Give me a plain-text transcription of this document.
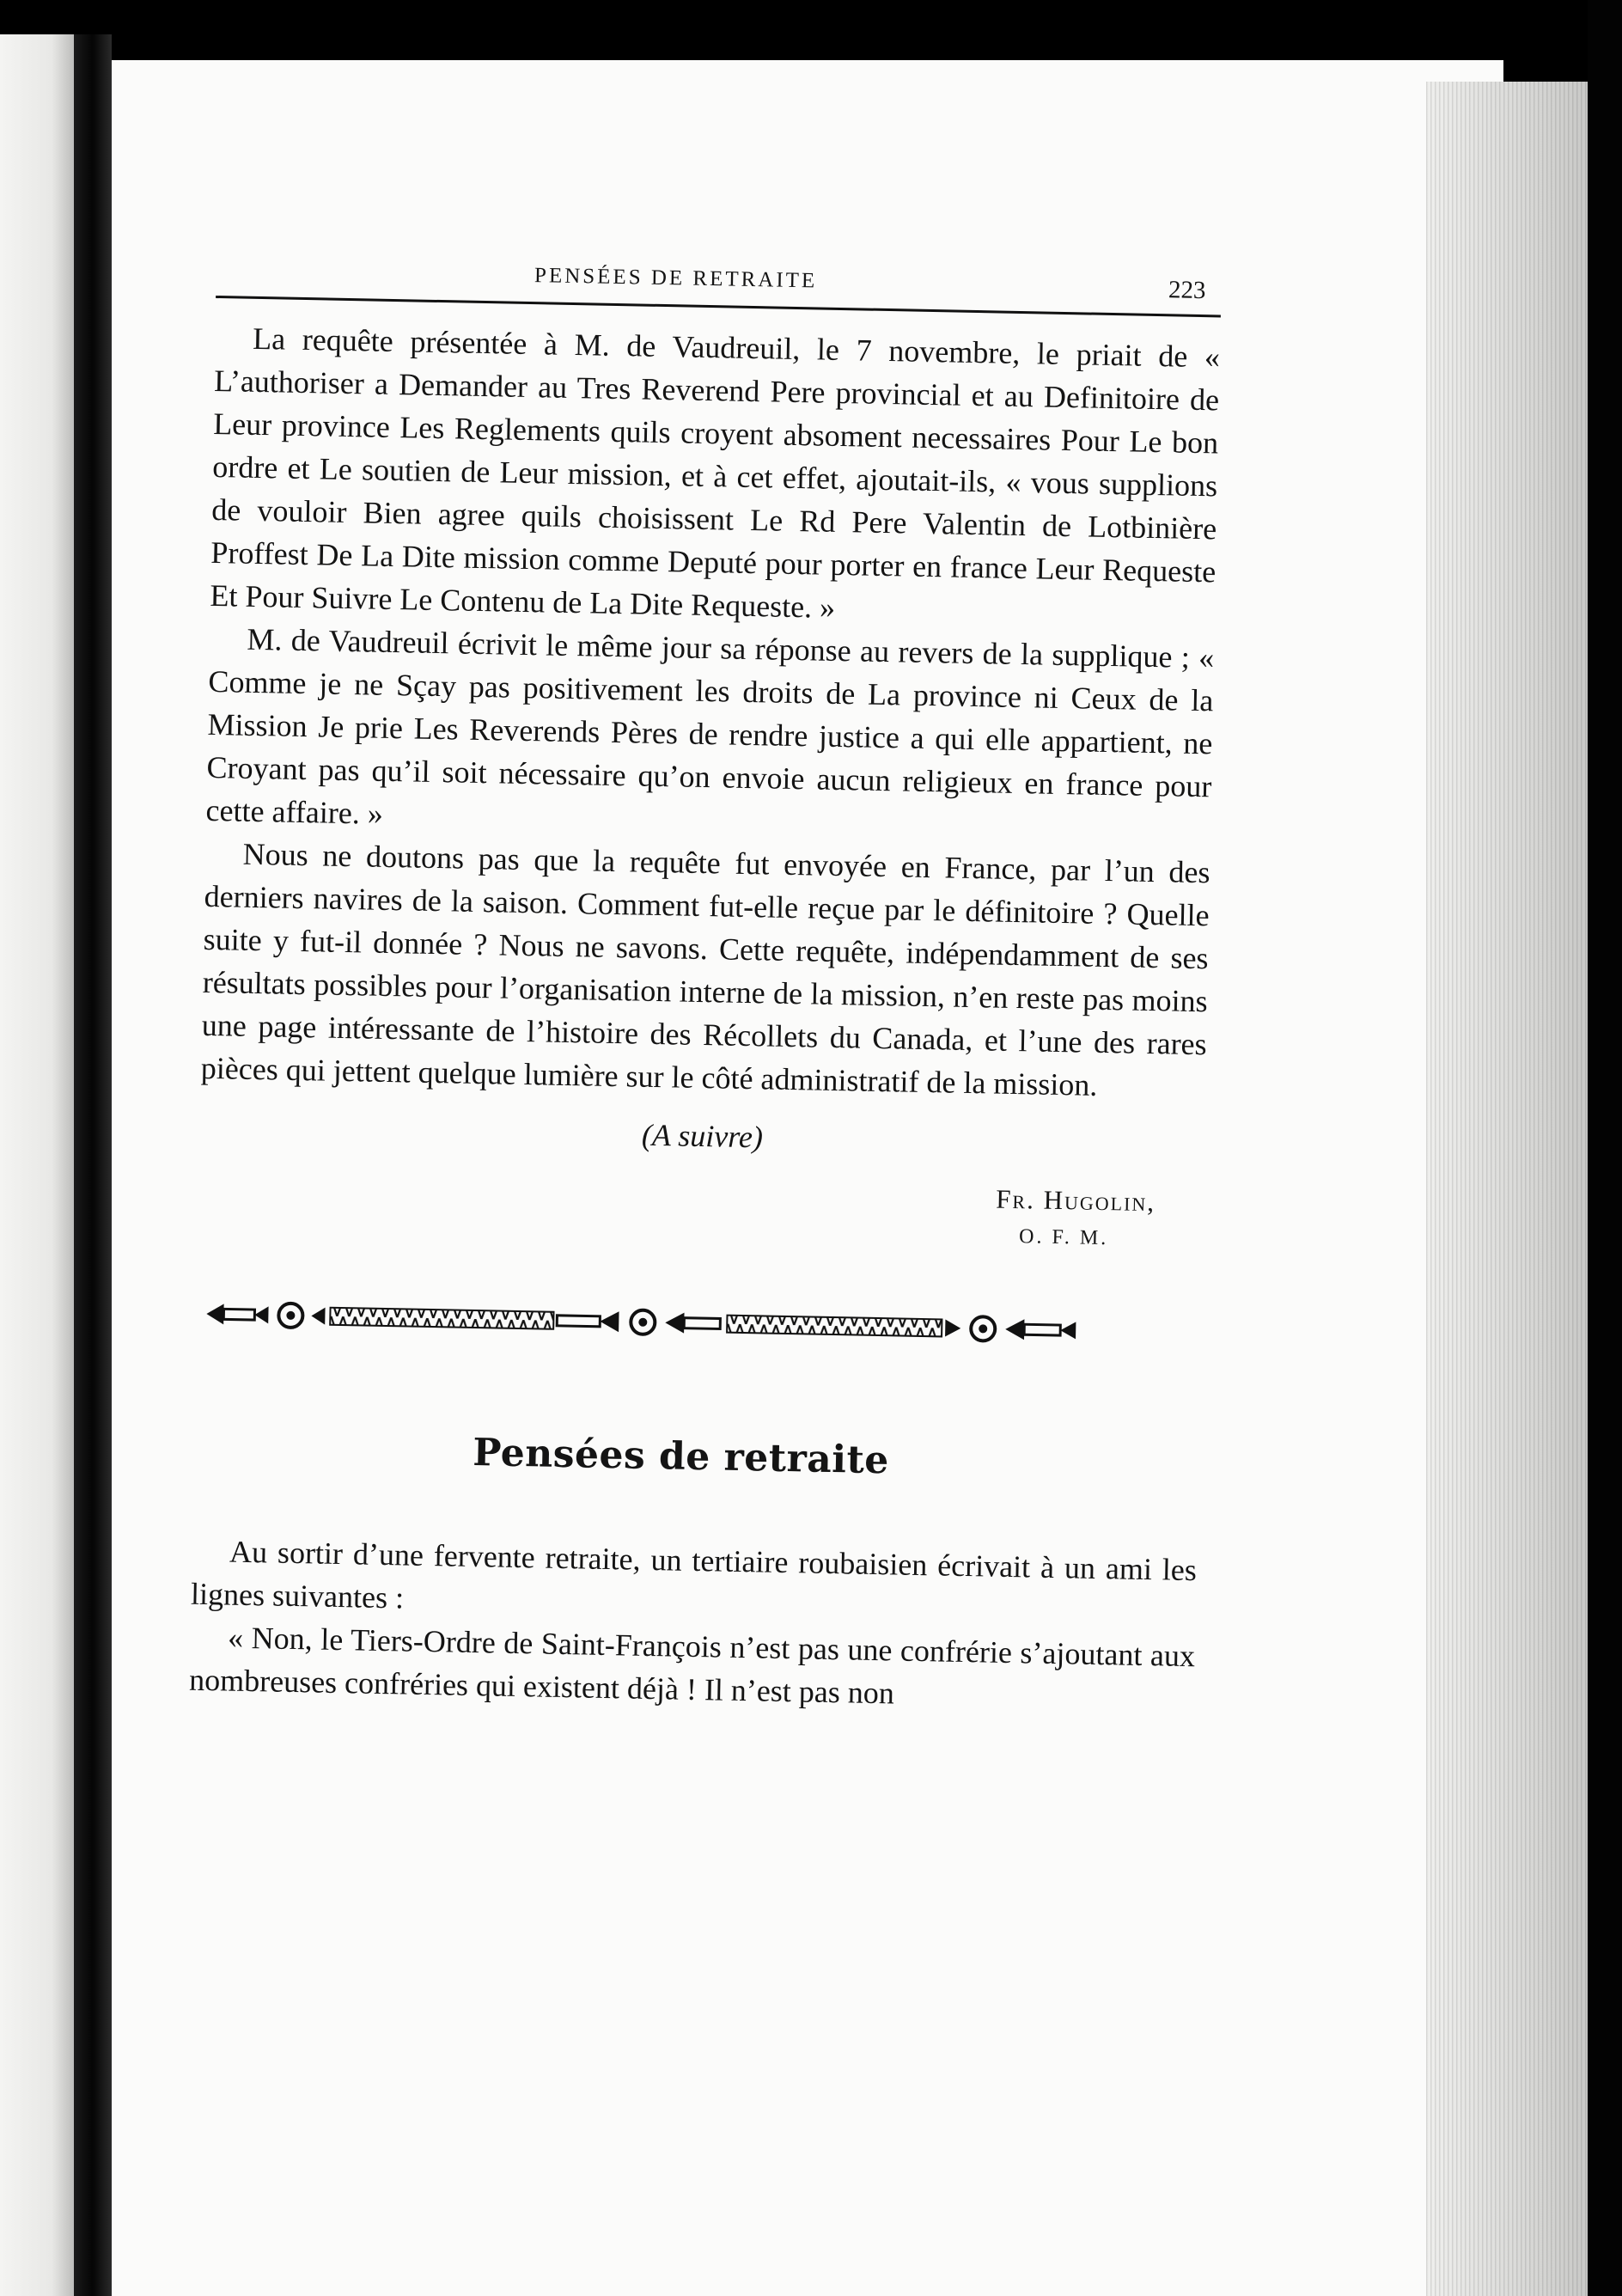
PENSÉES DE RETRAITE	223

La requête présentée à M. de Vaudreuil, le 7 novembre, le priait de « L’authoriser a Demander au Tres Reverend Pere provincial et au Definitoire de Leur province Les Reglements quils croyent absoment necessaires Pour Le bon ordre et Le soutien de Leur mission, et à cet effet, ajoutait-ils, « vous supplions de vouloir Bien agree quils choisissent Le Rd Pere Valentin de Lotbinière Proffest De La Dite mission comme Deputé pour porter en france Leur Requeste Et Pour Suivre Le Contenu de La Dite Requeste. »

M. de Vaudreuil écrivit le même jour sa réponse au revers de la supplique ; « Comme je ne Sçay pas positivement les droits de La province ni Ceux de la Mission Je prie Les Reverends Pères de rendre justice a qui elle appartient, ne Croyant pas qu’il soit nécessaire qu’on envoie aucun religieux en france pour cette affaire. »

Nous ne doutons pas que la requête fut envoyée en France, par l’un des derniers navires de la saison. Comment fut-elle reçue par le définitoire ? Quelle suite y fut-il donnée ? Nous ne savons. Cette requête, indépendamment de ses résultats possibles pour l’organisation interne de la mission, n’en reste pas moins une page intéressante de l’histoire des Récollets du Canada, et l’une des rares pièces qui jettent quelque lumière sur le côté administratif de la mission.

(A suivre)
Fr. Hugolin,
O. F. M.
Pensées de retraite

Au sortir d’une fervente retraite, un tertiaire roubaisien écrivait à un ami les lignes suivantes :

« Non, le Tiers-Ordre de Saint-François n’est pas une confrérie s’ajoutant aux nombreuses confréries qui existent déjà ! Il n’est pas non
